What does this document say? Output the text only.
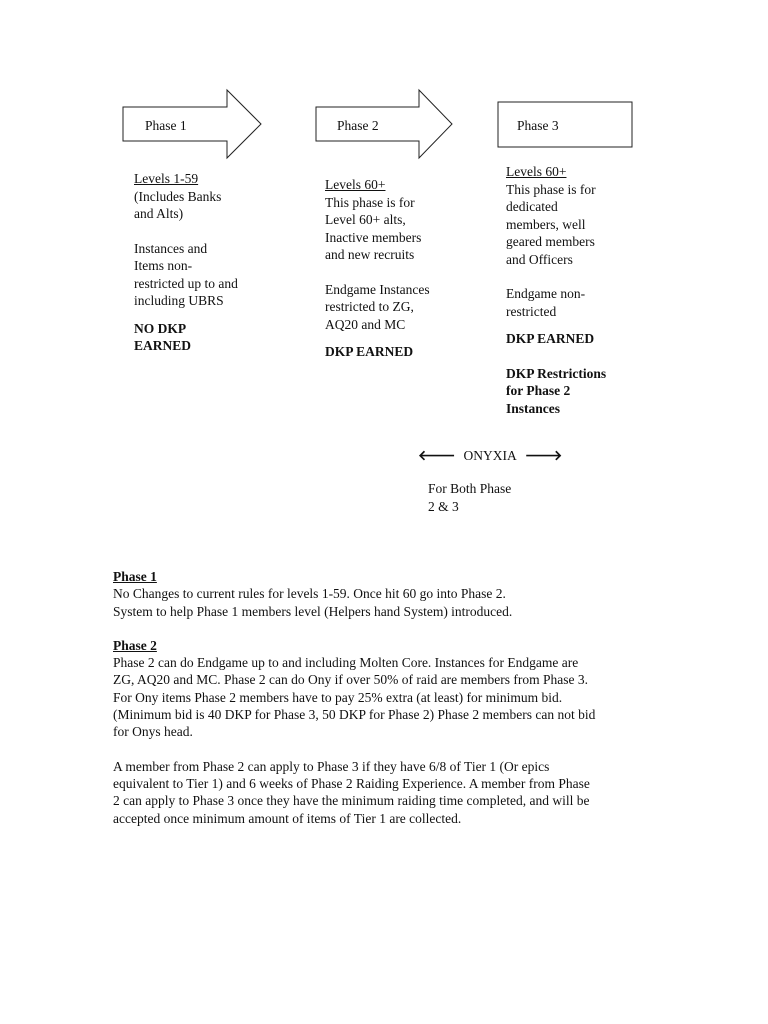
Phase 1	Phase 2	Phase 3
Levels 1-59
(Includes Banks
and Alts)
Instances and
Items non-
restricted up to and
including UBRS
NO DKP
EARNED
Levels 60+
This phase is for
Level 60+ alts,
Inactive members
and new recruits
Endgame Instances
restricted to ZG,
AQ20 and MC
DKP EARNED
Levels 60+
This phase is for
dedicated
members, well
geared members
and Officers
Endgame non-
restricted
DKP EARNED
DKP Restrictions
for Phase 2
Instances
🡐 ONYXIA 🡒
For Both Phase
2 & 3

Phase 1

No Changes to current rules for levels 1-59. Once hit 60 go into Phase 2.

System to help Phase 1 members level (Helpers hand System) introduced.

Phase 2

Phase 2 can do Endgame up to and including Molten Core. Instances for Endgame are

ZG, AQ20 and MC. Phase 2 can do Ony if over 50% of raid are members from Phase 3.

For Ony items Phase 2 members have to pay 25% extra (at least) for minimum bid.

(Minimum bid is 40 DKP for Phase 3, 50 DKP for Phase 2) Phase 2 members can not bid

for Onys head.

A member from Phase 2 can apply to Phase 3 if they have 6/8 of Tier 1 (Or epics

equivalent to Tier 1) and 6 weeks of Phase 2 Raiding Experience. A member from Phase

2 can apply to Phase 3 once they have the minimum raiding time completed, and will be

accepted once minimum amount of items of Tier 1 are collected.
